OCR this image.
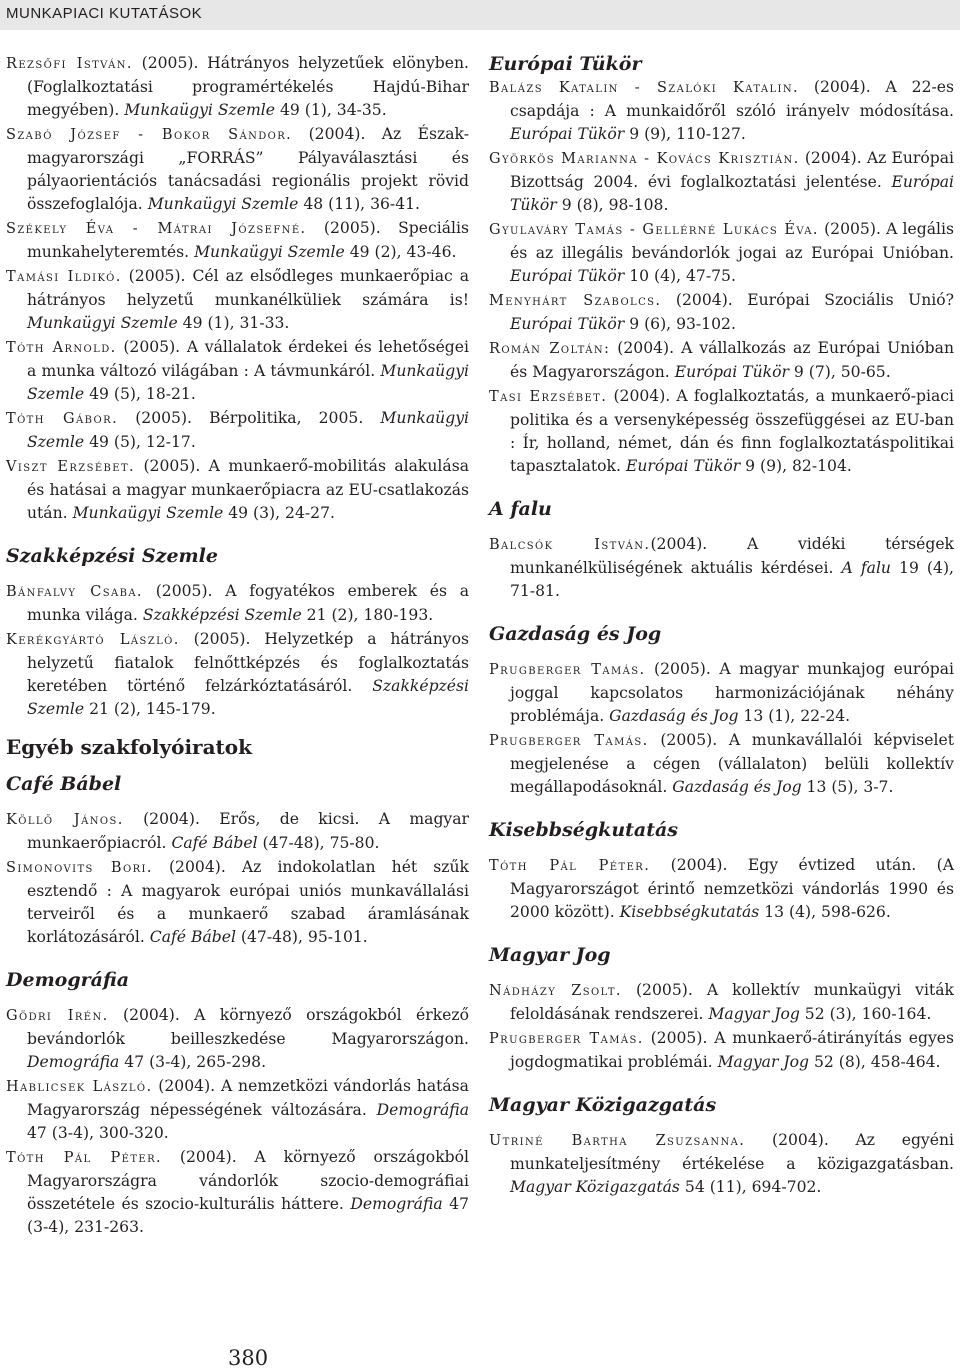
MUNKAPIACI KUTATÁSOK

Rezsőfi István. (2005). Hátrányos helyzetűek elönyben. (Foglalkoztatási programértékelés Hajdú-Bihar megyében). Munkaügyi Szemle 49 (1), 34-35.

Szabó József - Bokor Sándor. (2004). Az Észak-magyarországi „FORRÁS” Pályaválasztási és pályaorientációs tanácsadási regionális projekt rövid összefoglalója. Munkaügyi Szemle 48 (11), 36-41.

Székely Éva - Mátrai Józsefné. (2005). Speciális munkahelyteremtés. Munkaügyi Szemle 49 (2), 43-46.

Tamási Ildikó. (2005). Cél az elsődleges munkaerőpiac a hátrányos helyzetű munkanélküliek számára is! Munkaügyi Szemle 49 (1), 31-33.

Tóth Arnold. (2005). A vállalatok érdekei és lehetőségei a munka változó világában : A távmunkáról. Munkaügyi Szemle 49 (5), 18-21.

Tóth Gábor. (2005). Bérpolitika, 2005. Munkaügyi Szemle 49 (5), 12-17.

Viszt Erzsébet. (2005). A munkaerő-mobilitás alakulása és hatásai a magyar munkaerőpiacra az EU-csatlakozás után. Munkaügyi Szemle 49 (3), 24-27.

Szakképzési Szemle

Bánfalvy Csaba. (2005). A fogyatékos emberek és a munka világa. Szakképzési Szemle 21 (2), 180-193.

Kerékgyártó László. (2005). Helyzetkép a hátrányos helyzetű fiatalok felnőttképzés és foglalkoztatás keretében történő felzárkóztatásáról. Szakképzési Szemle 21 (2), 145-179.

Egyéb szakfolyóiratok
Café Bábel

Köllő János. (2004). Erős, de kicsi. A magyar munkaerőpiacról. Café Bábel (47-48), 75-80.

Simonovits Bori. (2004). Az indokolatlan hét szűk esztendő : A magyarok európai uniós munkavállalási terveiről és a munkaerő szabad áramlásának korlátozásáról. Café Bábel (47-48), 95-101.

Demográfia

Gödri Irén. (2004). A környező országokból érkező bevándorlók beilleszkedése Magyarországon. Demográfia 47 (3-4), 265-298.

Hablicsek László. (2004). A nemzetközi vándorlás hatása Magyarország népességének változására. Demográfia 47 (3-4), 300-320.

Tóth Pál Péter. (2004). A környező országokból Magyarországra vándorlók szocio-demográfiai összetétele és szocio-kulturális háttere. Demográfia 47 (3-4), 231-263.

Európai Tükör

Balázs Katalin - Szalóki Katalin. (2004). A 22-es csapdája : A munkaidőről szóló irányelv módosítása. Európai Tükör 9 (9), 110-127.

Györkös Marianna - Kovács Krisztián. (2004). Az Európai Bizottság 2004. évi foglalkoztatási jelentése. Európai Tükör 9 (8), 98-108.

Gyulaváry Tamás - Gellérné Lukács Éva. (2005). A legális és az illegális bevándorlók jogai az Európai Unióban. Európai Tükör 10 (4), 47-75.

Menyhárt Szabolcs. (2004). Európai Szociális Unió? Európai Tükör 9 (6), 93-102.

Román Zoltán: (2004). A vállalkozás az Európai Unióban és Magyarországon. Európai Tükör 9 (7), 50-65.

Tasi Erzsébet. (2004). A foglalkoztatás, a munkaerő-piaci politika és a versenyképesség összefüggései az EU-ban : Ír, holland, német, dán és finn foglalkoztatáspolitikai tapasztalatok. Európai Tükör 9 (9), 82-104.

A falu

Balcsók István.(2004). A vidéki térségek munkanélküliségének aktuális kérdései. A falu 19 (4), 71-81.

Gazdaság és Jog

Prugberger Tamás. (2005). A magyar munkajog európai joggal kapcsolatos harmonizációjának néhány problémája. Gazdaság és Jog 13 (1), 22-24.

Prugberger Tamás. (2005). A munkavállalói képviselet megjelenése a cégen (vállalaton) belüli kollektív megállapodásoknál. Gazdaság és Jog 13 (5), 3-7.

Kisebbségkutatás

Tóth Pál Péter. (2004). Egy évtized után. (A Magyarországot érintő nemzetközi vándorlás 1990 és 2000 között). Kisebbségkutatás 13 (4), 598-626.

Magyar Jog

Nádházy Zsolt. (2005). A kollektív munkaügyi viták feloldásának rendszerei. Magyar Jog 52 (3), 160-164.

Prugberger Tamás. (2005). A munkaerő-átirányítás egyes jogdogmatikai problémái. Magyar Jog 52 (8), 458-464.

Magyar Közigazgatás

Utriné Bartha Zsuzsanna. (2004). Az egyéni munkateljesítmény értékelése a közigazgatásban. Magyar Közigazgatás 54 (11), 694-702.

380
